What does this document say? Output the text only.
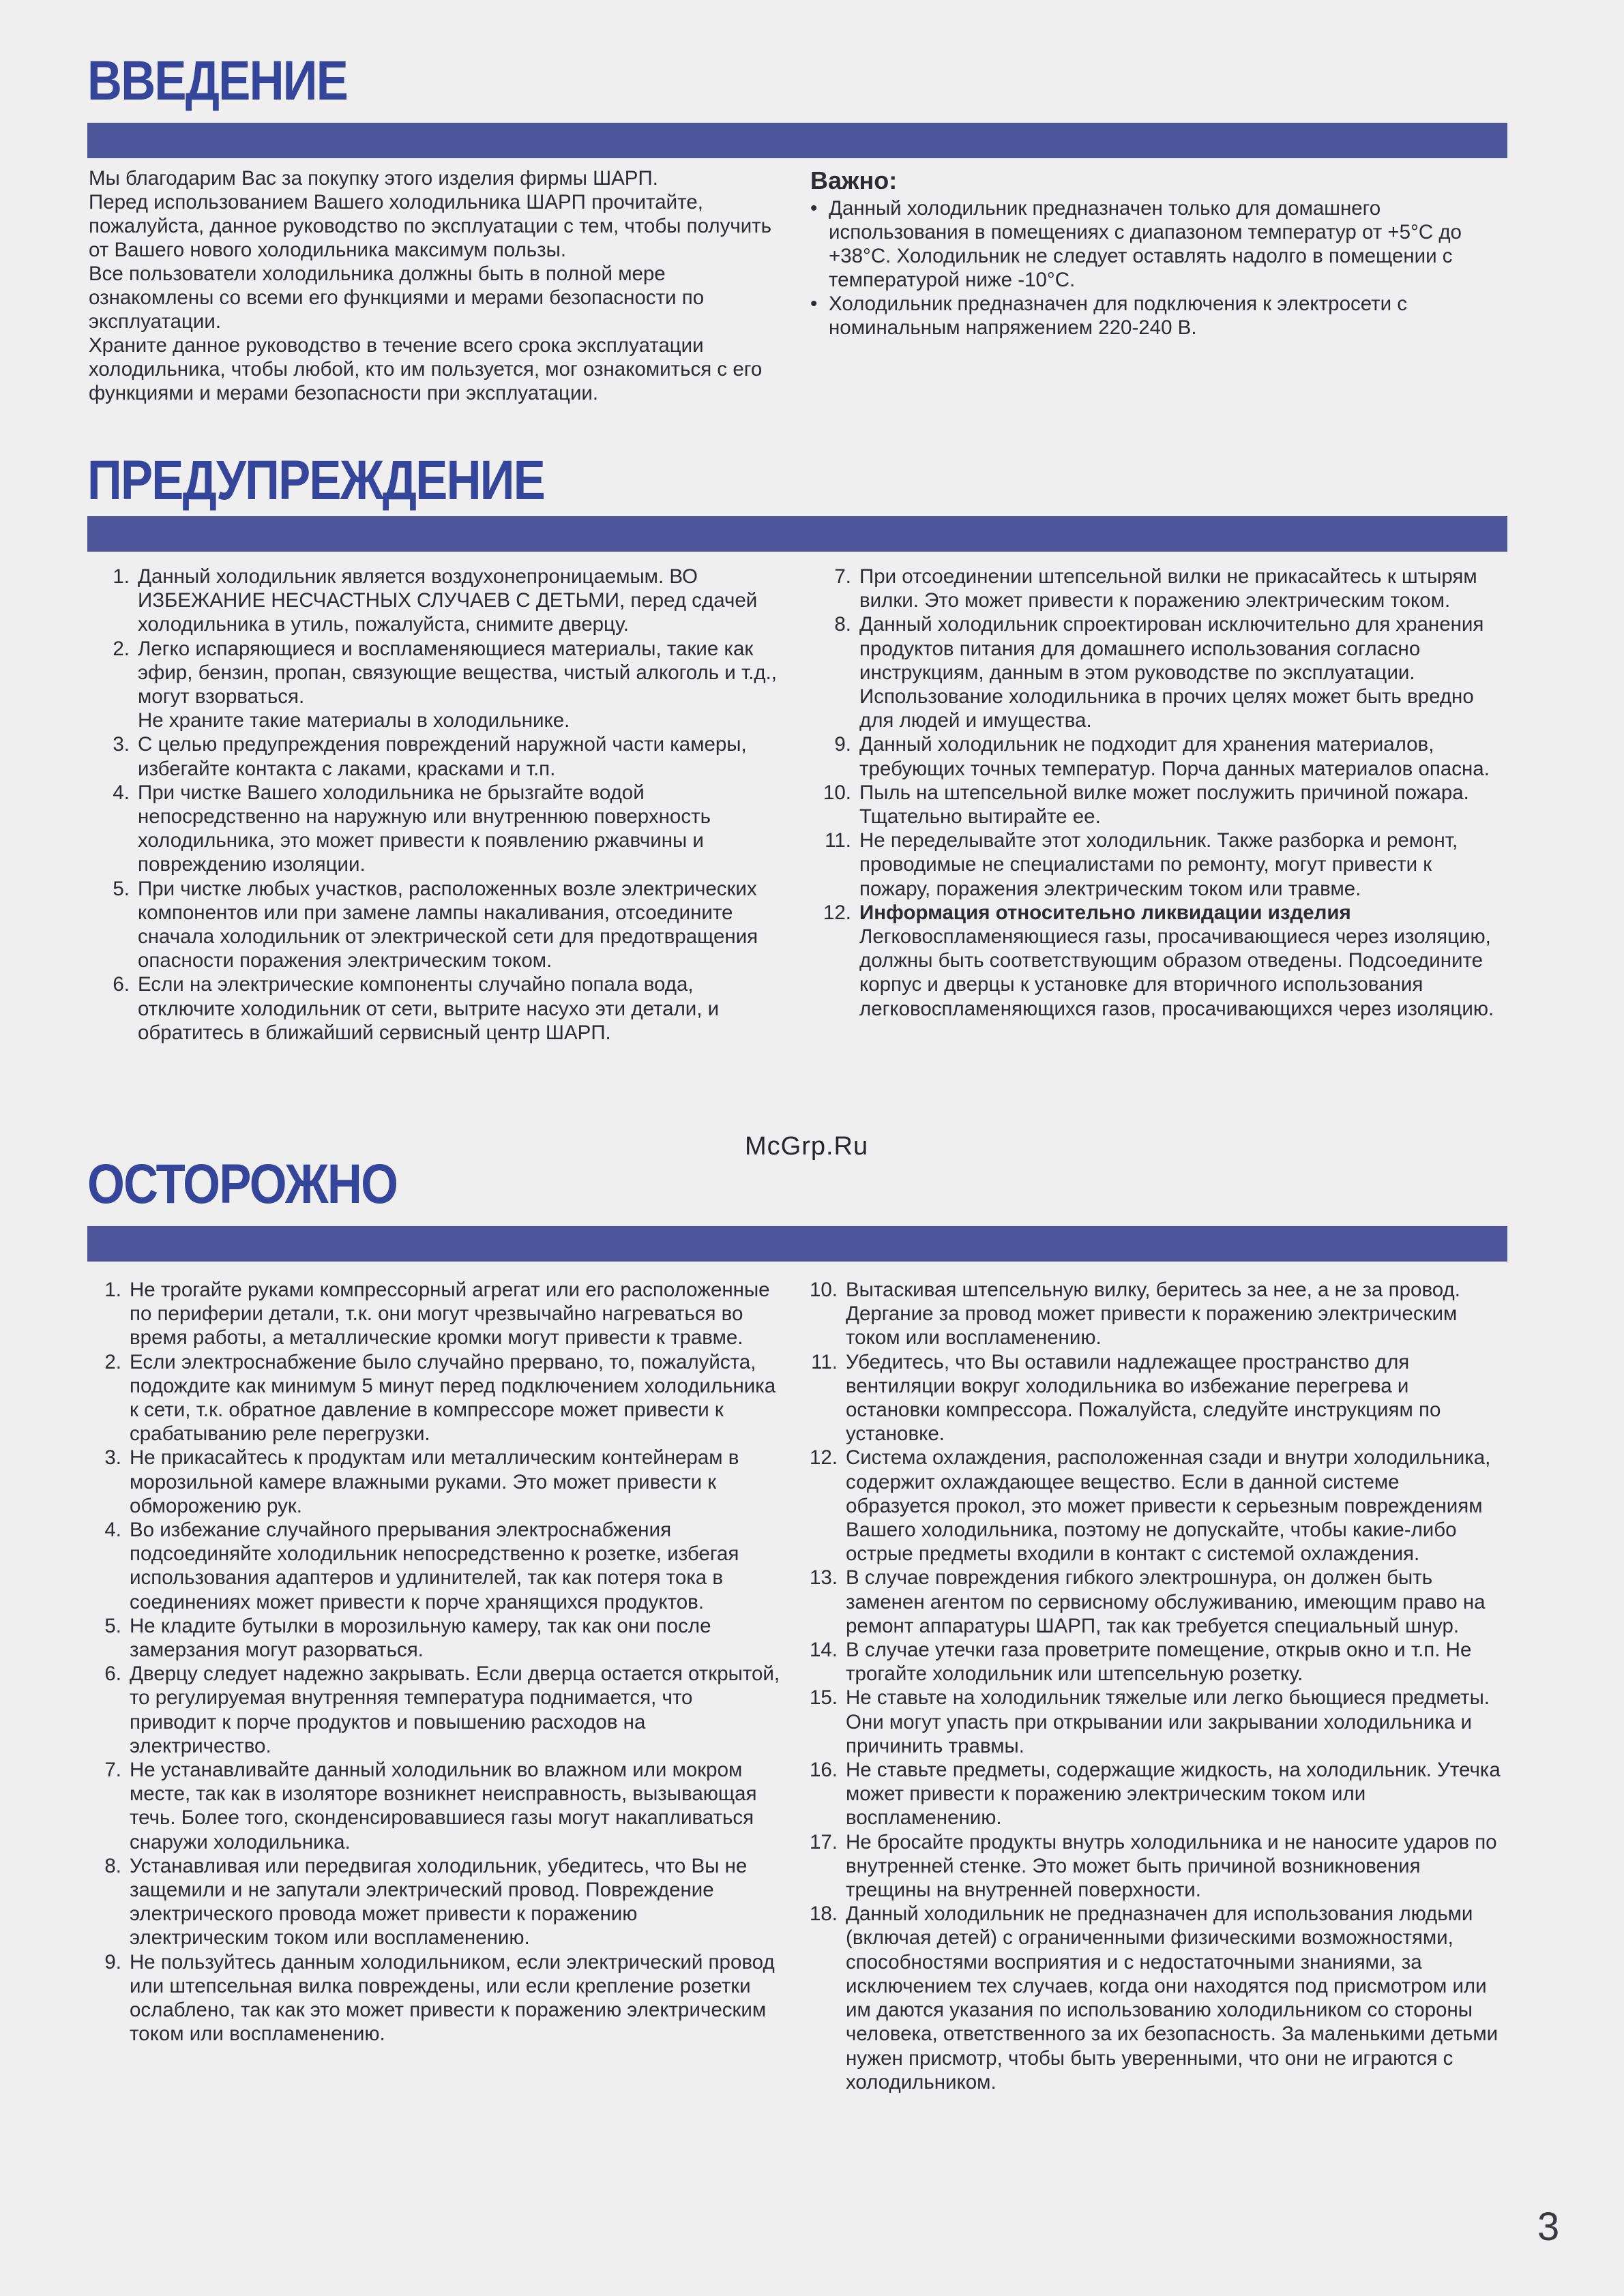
ВВЕДЕНИЕ
Мы благодарим Вас за покупку этого изделия фирмы ШАРП.
Перед использованием Вашего холодильника ШАРП прочитайте, пожалуйста, данное руководство по эксплуатации с тем, чтобы получить от Вашего нового холодильника максимум пользы.
Все пользователи холодильника должны быть в полной мере ознакомлены со всеми его функциями и мерами безопасности по эксплуатации.
Храните данное руководство в течение всего срока эксплуатации холодильника, чтобы любой, кто им пользуется, мог ознакомиться с его функциями и мерами безопасности при эксплуатации.
Важно:
• Данный холодильник предназначен только для домашнего использования в помещениях с диапазоном температур от +5°C до +38°C. Холодильник не следует оставлять надолго в помещении с температурой ниже -10°C.
• Холодильник предназначен для подключения к электросети с номинальным напряжением 220-240 В.
ПРЕДУПРЕЖДЕНИЕ
1. Данный холодильник является воздухонепроницаемым. ВО ИЗБЕЖАНИЕ НЕСЧАСТНЫХ СЛУЧАЕВ С ДЕТЬМИ, перед сдачей холодильника в утиль, пожалуйста, снимите дверцу.
2. Легко испаряющиеся и воспламеняющиеся материалы, такие как эфир, бензин, пропан, связующие вещества, чистый алкоголь и т.д., могут взорваться.
Не храните такие материалы в холодильнике.
3. С целью предупреждения повреждений наружной части камеры, избегайте контакта с лаками, красками и т.п.
4. При чистке Вашего холодильника не брызгайте водой непосредственно на наружную или внутреннюю поверхность холодильника, это может привести к появлению ржавчины и повреждению изоляции.
5. При чистке любых участков, расположенных возле электрических компонентов или при замене лампы накаливания, отсоедините сначала холодильник от электрической сети для предотвращения опасности поражения электрическим током.
6. Если на электрические компоненты случайно попала вода, отключите холодильник от сети, вытрите насухо эти детали, и обратитесь в ближайший сервисный центр ШАРП.
7. При отсоединении штепсельной вилки не прикасайтесь к штырям вилки. Это может привести к поражению электрическим током.
8. Данный холодильник спроектирован исключительно для хранения продуктов питания для домашнего использования согласно инструкциям, данным в этом руководстве по эксплуатации. Использование холодильника в прочих целях может быть вредно для людей и имущества.
9. Данный холодильник не подходит для хранения материалов, требующих точных температур. Порча данных материалов опасна.
10. Пыль на штепсельной вилке может послужить причиной пожара. Тщательно вытирайте ее.
11. Не переделывайте этот холодильник. Также разборка и ремонт, проводимые не специалистами по ремонту, могут привести к пожару, поражения электрическим током или травме.
12. Информация относительно ликвидации изделия
Легковоспламеняющиеся газы, просачивающиеся через изоляцию, должны быть соответствующим образом отведены. Подсоедините корпус и дверцы к установке для вторичного использования легковоспламеняющихся газов, просачивающихся через изоляцию.
McGrp.Ru
ОСТОРОЖНО
1. Не трогайте руками компрессорный агрегат или его расположенные по периферии детали, т.к. они могут чрезвычайно нагреваться во время работы, а металлические кромки могут привести к травме.
2. Если электроснабжение было случайно прервано, то, пожалуйста, подождите как минимум 5 минут перед подключением холодильника к сети, т.к. обратное давление в компрессоре может привести к срабатыванию реле перегрузки.
3. Не прикасайтесь к продуктам или металлическим контейнерам в морозильной камере влажными руками. Это может привести к обморожению рук.
4. Во избежание случайного прерывания электроснабжения подсоединяйте холодильник непосредственно к розетке, избегая использования адаптеров и удлинителей, так как потеря тока в соединениях может привести к порче хранящихся продуктов.
5. Не кладите бутылки в морозильную камеру, так как они после замерзания могут разорваться.
6. Дверцу следует надежно закрывать. Если дверца остается открытой, то регулируемая внутренняя температура поднимается, что приводит к порче продуктов и повышению расходов на электричество.
7. Не устанавливайте данный холодильник во влажном или мокром месте, так как в изоляторе возникнет неисправность, вызывающая течь. Более того, сконденсировавшиеся газы могут накапливаться снаружи холодильника.
8. Устанавливая или передвигая холодильник, убедитесь, что Вы не защемили и не запутали электрический провод. Повреждение электрического провода может привести к поражению электрическим током или воспламенению.
9. Не пользуйтесь данным холодильником, если электрический провод или штепсельная вилка повреждены, или если крепление розетки ослаблено, так как это может привести к поражению электрическим током или воспламенению.
10. Вытаскивая штепсельную вилку, беритесь за нее, а не за провод. Дергание за провод может привести к поражению электрическим током или воспламенению.
11. Убедитесь, что Вы оставили надлежащее пространство для вентиляции вокруг холодильника во избежание перегрева и остановки компрессора. Пожалуйста, следуйте инструкциям по установке.
12. Система охлаждения, расположенная сзади и внутри холодильника, содержит охлаждающее вещество. Если в данной системе образуется прокол, это может привести к серьезным повреждениям Вашего холодильника, поэтому не допускайте, чтобы какие-либо острые предметы входили в контакт с системой охлаждения.
13. В случае повреждения гибкого электрошнура, он должен быть заменен агентом по сервисному обслуживанию, имеющим право на ремонт аппаратуры ШАРП, так как требуется специальный шнур.
14. В случае утечки газа проветрите помещение, открыв окно и т.п. Не трогайте холодильник или штепсельную розетку.
15. Не ставьте на холодильник тяжелые или легко бьющиеся предметы. Они могут упасть при открывании или закрывании холодильника и причинить травмы.
16. Не ставьте предметы, содержащие жидкость, на холодильник. Утечка может привести к поражению электрическим током или воспламенению.
17. Не бросайте продукты внутрь холодильника и не наносите ударов по внутренней стенке. Это может быть причиной возникновения трещины на внутренней поверхности.
18. Данный холодильник не предназначен для использования людьми (включая детей) с ограниченными физическими возможностями, способностями восприятия и с недостаточными знаниями, за исключением тех случаев, когда они находятся под присмотром или им даются указания по использованию холодильником со стороны человека, ответственного за их безопасность. За маленькими детьми нужен присмотр, чтобы быть уверенными, что они не играются с холодильником.
3
